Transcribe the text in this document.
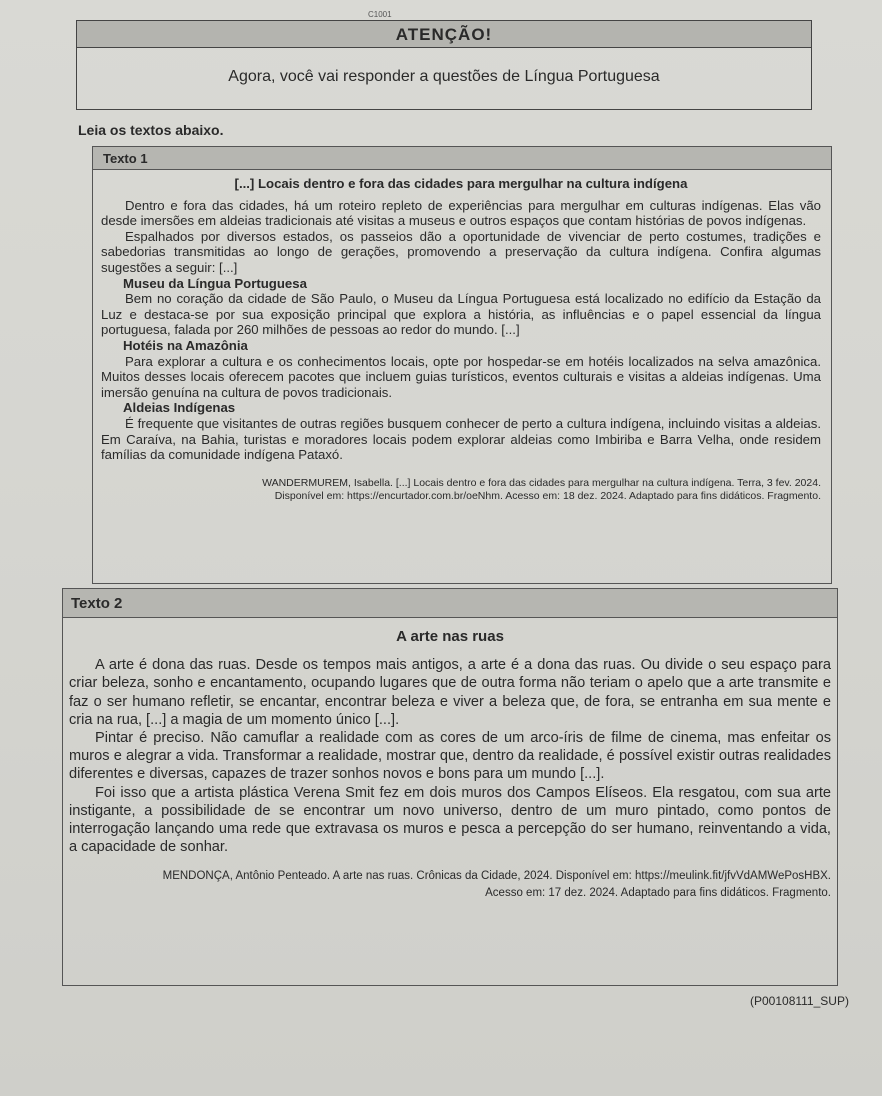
C1001
ATENÇÃO!
Agora, você vai responder a questões de Língua Portuguesa
Leia os textos abaixo.
Texto 1
[...] Locais dentro e fora das cidades para mergulhar na cultura indígena

Dentro e fora das cidades, há um roteiro repleto de experiências para mergulhar em culturas indígenas. Elas vão desde imersões em aldeias tradicionais até visitas a museus e outros espaços que contam histórias de povos indígenas.

Espalhados por diversos estados, os passeios dão a oportunidade de vivenciar de perto costumes, tradições e sabedorias transmitidas ao longo de gerações, promovendo a preservação da cultura indígena. Confira algumas sugestões a seguir: [...]

Museu da Língua Portuguesa

Bem no coração da cidade de São Paulo, o Museu da Língua Portuguesa está localizado no edifício da Estação da Luz e destaca-se por sua exposição principal que explora a história, as influências e o papel essencial da língua portuguesa, falada por 260 milhões de pessoas ao redor do mundo. [...]

Hotéis na Amazônia

Para explorar a cultura e os conhecimentos locais, opte por hospedar-se em hotéis localizados na selva amazônica. Muitos desses locais oferecem pacotes que incluem guias turísticos, eventos culturais e visitas a aldeias indígenas. Uma imersão genuína na cultura de povos tradicionais.

Aldeias Indígenas

É frequente que visitantes de outras regiões busquem conhecer de perto a cultura indígena, incluindo visitas a aldeias. Em Caraíva, na Bahia, turistas e moradores locais podem explorar aldeias como Imbiriba e Barra Velha, onde residem famílias da comunidade indígena Pataxó.

WANDERMUREM, Isabella. [...] Locais dentro e fora das cidades para mergulhar na cultura indígena. Terra, 3 fev. 2024.
Disponível em: https://encurtador.com.br/oeNhm. Acesso em: 18 dez. 2024. Adaptado para fins didáticos. Fragmento.
Texto 2
A arte nas ruas

A arte é dona das ruas. Desde os tempos mais antigos, a arte é a dona das ruas. Ou divide o seu espaço para criar beleza, sonho e encantamento, ocupando lugares que de outra forma não teriam o apelo que a arte transmite e faz o ser humano refletir, se encantar, encontrar beleza e viver a beleza que, de fora, se entranha em sua mente e cria na rua, [...] a magia de um momento único [...].

Pintar é preciso. Não camuflar a realidade com as cores de um arco-íris de filme de cinema, mas enfeitar os muros e alegrar a vida. Transformar a realidade, mostrar que, dentro da realidade, é possível existir outras realidades diferentes e diversas, capazes de trazer sonhos novos e bons para um mundo [...].

Foi isso que a artista plástica Verena Smit fez em dois muros dos Campos Elíseos. Ela resgatou, com sua arte instigante, a possibilidade de se encontrar um novo universo, dentro de um muro pintado, como pontos de interrogação lançando uma rede que extravasa os muros e pesca a percepção do ser humano, reinventando a vida, a capacidade de sonhar.

MENDONÇA, Antônio Penteado. A arte nas ruas. Crônicas da Cidade, 2024. Disponível em: https://meulink.fit/jfvVdAMWePosHBX.
Acesso em: 17 dez. 2024. Adaptado para fins didáticos. Fragmento.
(P00108111_SUP)
